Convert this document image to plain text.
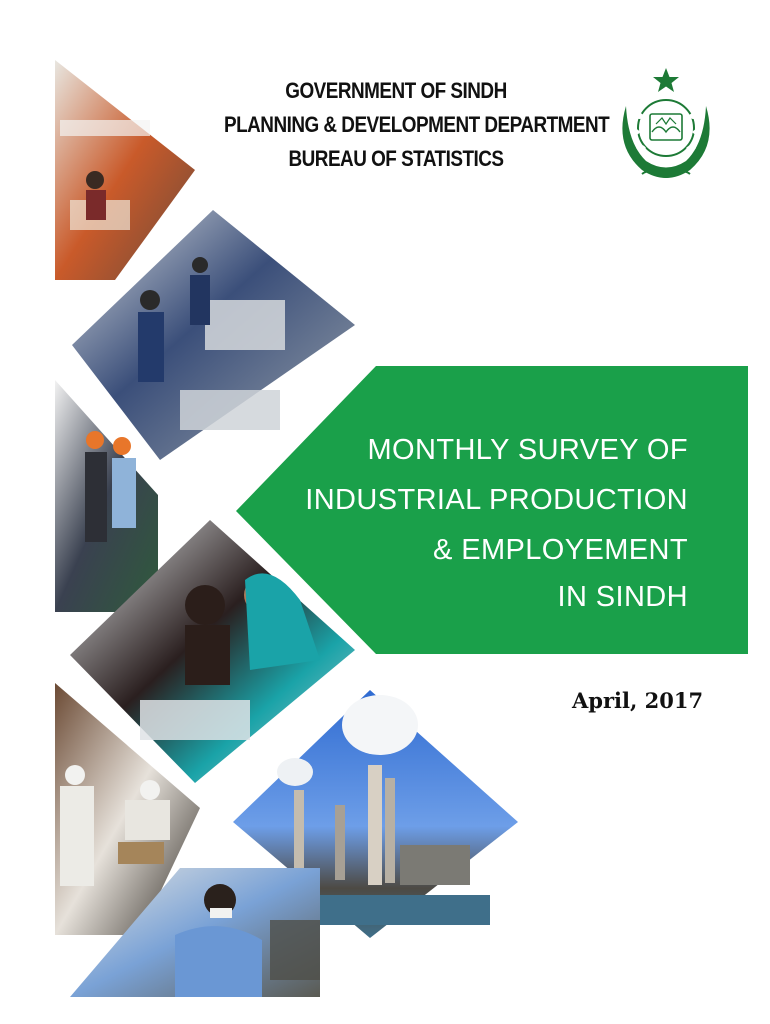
GOVERNMENT OF SINDH
PLANNING & DEVELOPMENT DEPARTMENT
BUREAU OF STATISTICS
MONTHLY SURVEY OF
INDUSTRIAL PRODUCTION
& EMPLOYEMENT
IN SINDH
April, 2017
